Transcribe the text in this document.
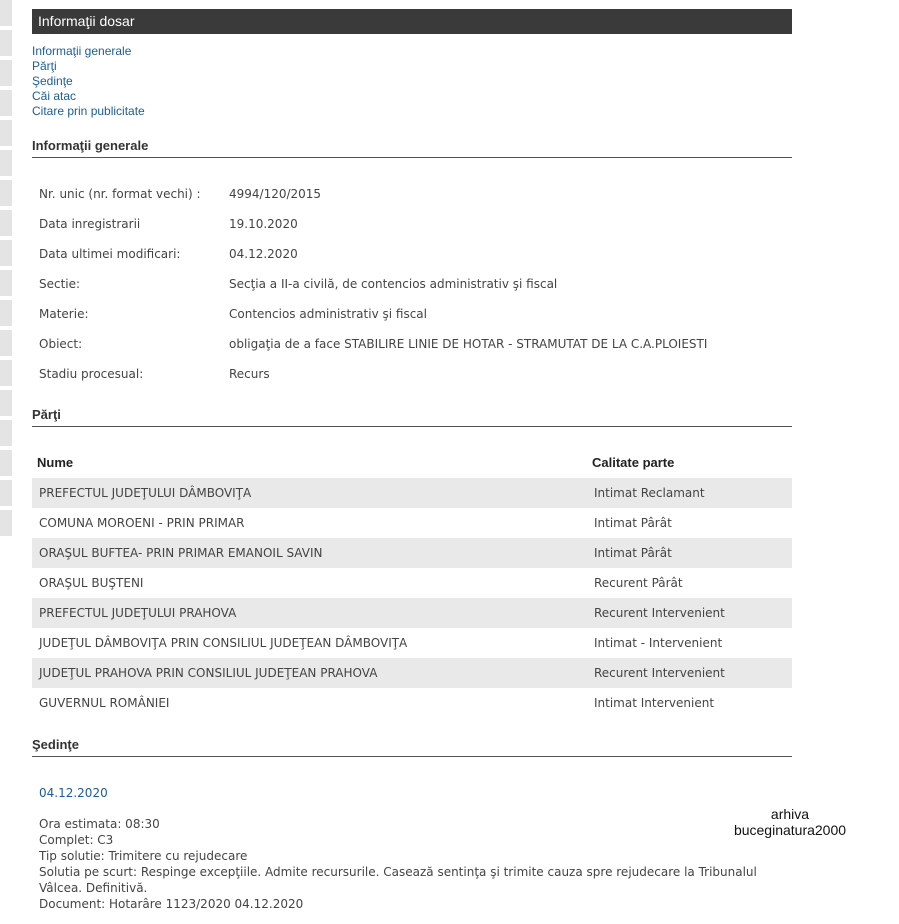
Informaţii dosar
Informaţii generale
Părţi
Şedinţe
Căi atac
Citare prin publicitate
Informaţii generale
Nr. unic (nr. format vechi) : 4994/120/2015
Data inregistrarii	19.10.2020
Data ultimei modificari:	04.12.2020
Sectie:	Secţia a II-a civilă, de contencios administrativ şi fiscal
Materie:	Contencios administrativ şi fiscal
Obiect:	obligaţia de a face STABILIRE LINIE DE HOTAR - STRAMUTAT DE LA C.A.PLOIESTI
Stadiu procesual:	Recurs
Părţi
Nume	Calitate parte
PREFECTUL JUDEŢULUI DÂMBOVIŢA	Intimat Reclamant
COMUNA MOROENI - PRIN PRIMAR	Intimat Pârât
ORAŞUL BUFTEA- PRIN PRIMAR EMANOIL SAVIN	Intimat Pârât
ORAŞUL BUŞTENI	Recurent Pârât
PREFECTUL JUDEŢULUI PRAHOVA	Recurent Intervenient
JUDEŢUL DÂMBOVIŢA PRIN CONSILIUL JUDEŢEAN DÂMBOVIŢA	Intimat - Intervenient
JUDEŢUL PRAHOVA PRIN CONSILIUL JUDEŢEAN PRAHOVA	Recurent Intervenient
GUVERNUL ROMÂNIEI	Intimat Intervenient
Şedinţe
04.12.2020
Ora estimata: 08:30
Complet: C3
Tip solutie: Trimitere cu rejudecare
Solutia pe scurt: Respinge excepţiile. Admite recursurile. Casează sentinţa şi trimite cauza spre rejudecare la Tribunalul Vâlcea. Definitivă.
Document: Hotarâre 1123/2020 04.12.2020
arhiva
buceginatura2000
